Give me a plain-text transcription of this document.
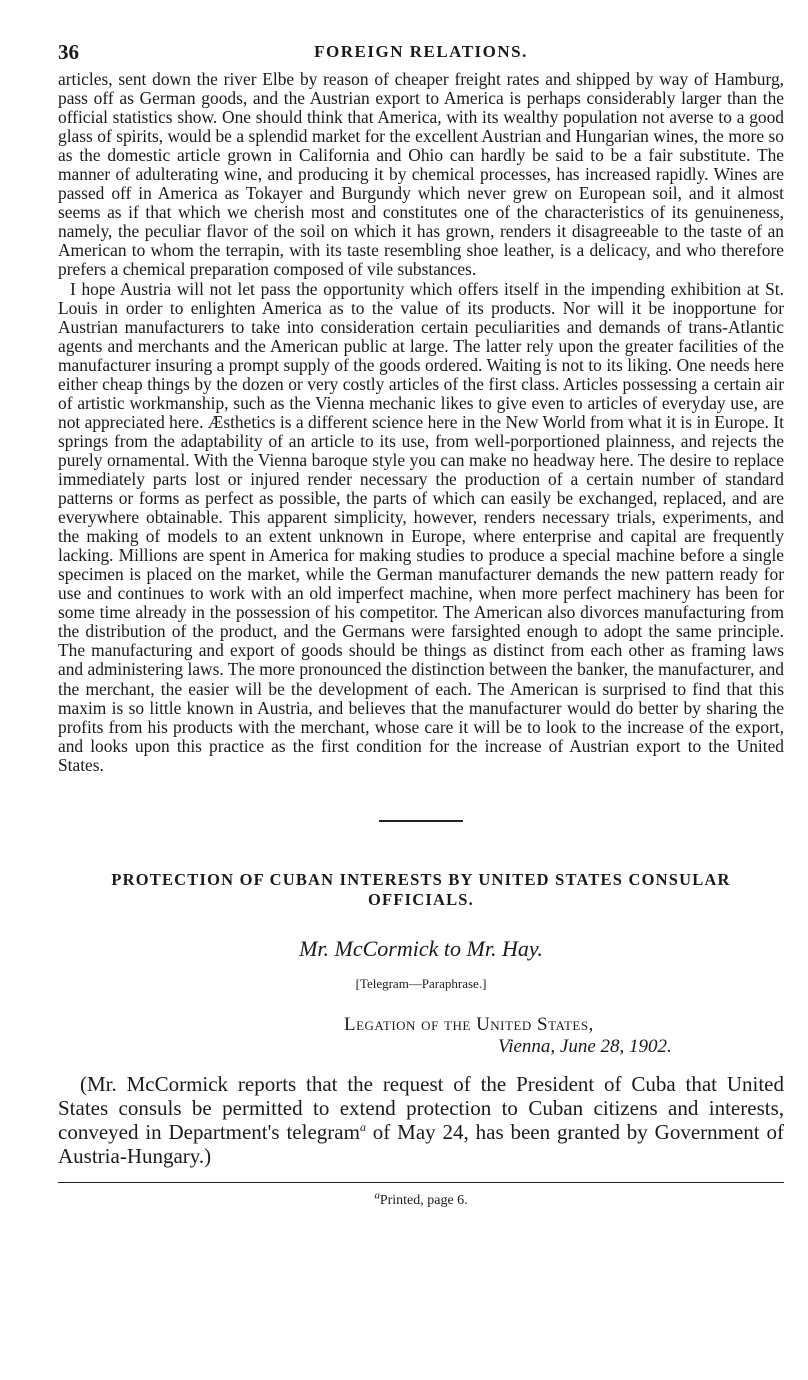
36	FOREIGN RELATIONS.

articles, sent down the river Elbe by reason of cheaper freight rates and shipped by way of Hamburg, pass off as German goods, and the Austrian export to America is perhaps considerably larger than the official statistics show. One should think that America, with its wealthy population not averse to a good glass of spirits, would be a splendid market for the excellent Austrian and Hungarian wines, the more so as the domestic article grown in California and Ohio can hardly be said to be a fair substitute. The manner of adulterating wine, and producing it by chemical processes, has increased rapidly. Wines are passed off in America as Tokayer and Burgundy which never grew on European soil, and it almost seems as if that which we cherish most and constitutes one of the characteristics of its genuineness, namely, the peculiar flavor of the soil on which it has grown, renders it disagreeable to the taste of an American to whom the terrapin, with its taste resembling shoe leather, is a delicacy, and who therefore prefers a chemical preparation composed of vile substances.

I hope Austria will not let pass the opportunity which offers itself in the impending exhibition at St. Louis in order to enlighten America as to the value of its products. Nor will it be inopportune for Austrian manufacturers to take into consideration certain peculiarities and demands of trans-Atlantic agents and merchants and the American public at large. The latter rely upon the greater facilities of the manufacturer insuring a prompt supply of the goods ordered. Waiting is not to its liking. One needs here either cheap things by the dozen or very costly articles of the first class. Articles possessing a certain air of artistic workmanship, such as the Vienna mechanic likes to give even to articles of everyday use, are not appreciated here. Æsthetics is a different science here in the New World from what it is in Europe. It springs from the adaptability of an article to its use, from well-porportioned plainness, and rejects the purely ornamental. With the Vienna baroque style you can make no headway here. The desire to replace immediately parts lost or injured render necessary the production of a certain number of standard patterns or forms as perfect as possible, the parts of which can easily be exchanged, replaced, and are everywhere obtainable. This apparent simplicity, however, renders necessary trials, experiments, and the making of models to an extent unknown in Europe, where enterprise and capital are frequently lacking. Millions are spent in America for making studies to produce a special machine before a single specimen is placed on the market, while the German manufacturer demands the new pattern ready for use and continues to work with an old imperfect machine, when more perfect machinery has been for some time already in the possession of his competitor. The American also divorces manufacturing from the distribution of the product, and the Germans were farsighted enough to adopt the same principle. The manufacturing and export of goods should be things as distinct from each other as framing laws and administering laws. The more pronounced the distinction between the banker, the manufacturer, and the merchant, the easier will be the development of each. The American is surprised to find that this maxim is so little known in Austria, and believes that the manufacturer would do better by sharing the profits from his products with the merchant, whose care it will be to look to the increase of the export, and looks upon this practice as the first condition for the increase of Austrian export to the United States.

PROTECTION OF CUBAN INTERESTS BY UNITED STATES CONSULAR OFFICIALS.
Mr. McCormick to Mr. Hay.
[Telegram—Paraphrase.]
Legation of the United States,
Vienna, June 28, 1902.
(Mr. McCormick reports that the request of the President of Cuba that United States consuls be permitted to extend protection to Cuban citizens and interests, conveyed in Department's telegram$^a$ of May 24, has been granted by Government of Austria-Hungary.)
$^a$Printed, page 6.
